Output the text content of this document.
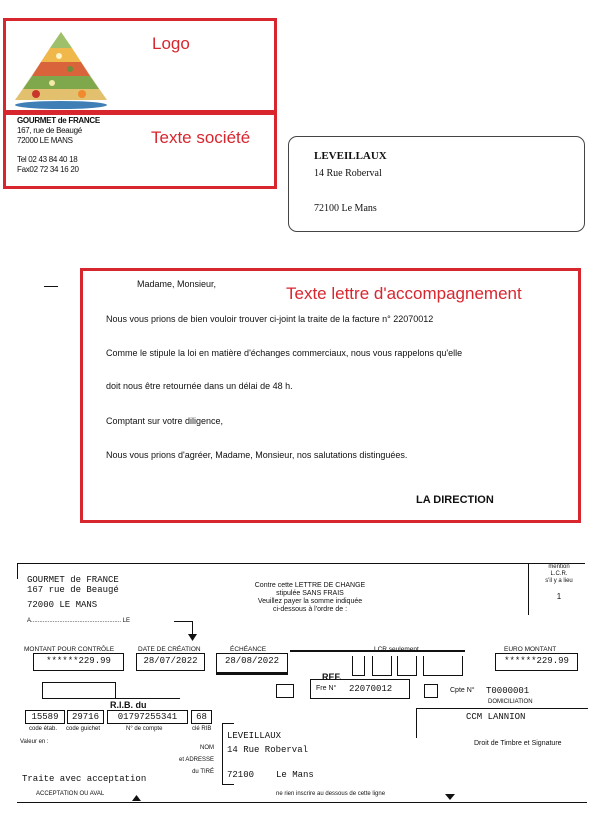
Logo
Texte société
GOURMET de FRANCE
167, rue de Beaugé
72000 LE MANS
Tel 02 43 84 40 18
Fax02 72 34 16 20
LEVEILLAUX
14 Rue Roberval
72100 Le Mans
Texte lettre d'accompagnement
Madame, Monsieur,
Nous vous prions de bien vouloir trouver ci-joint la traite de la facture n° 22070012
Comme le stipule la loi en matière d'échanges commerciaux, nous vous rappelons qu'elle
doit nous être retournée dans un délai de 48 h.
Comptant sur votre diligence,
Nous vous prions d'agréer, Madame, Monsieur, nos salutations distinguées.
LA DIRECTION
GOURMET de FRANCE
167 rue de Beaugé
72000 LE MANS
A...................................................... LE
Contre cette LETTRE DE CHANGE
stipulée SANS FRAIS
Veuillez payer la somme indiquée
ci-dessous à l'ordre de :
mention
L.C.R.
s'il y a lieu
1
MONTANT POUR CONTRÔLE	DATE DE CRÉATION	ÉCHÉANCE	EURO MONTANT
******229.99	28/07/2022	28/08/2022	******229.99
REF.
Fre N° 22070012	Cpte N° T0000001
R.I.B. du
15589	29716	01797255341	68
code étab. code guichet	N° de compte	clé RIB
Valeur en :
DOMICILIATION
CCM LANNION
NOM
et ADRESSE
du TIRÉ
LEVEILLAUX
14 Rue Roberval
72100 Le Mans
Droit de Timbre et Signature
Traite avec acceptation
ACCEPTATION OU AVAL	ne rien inscrire au dessous de cette ligne
